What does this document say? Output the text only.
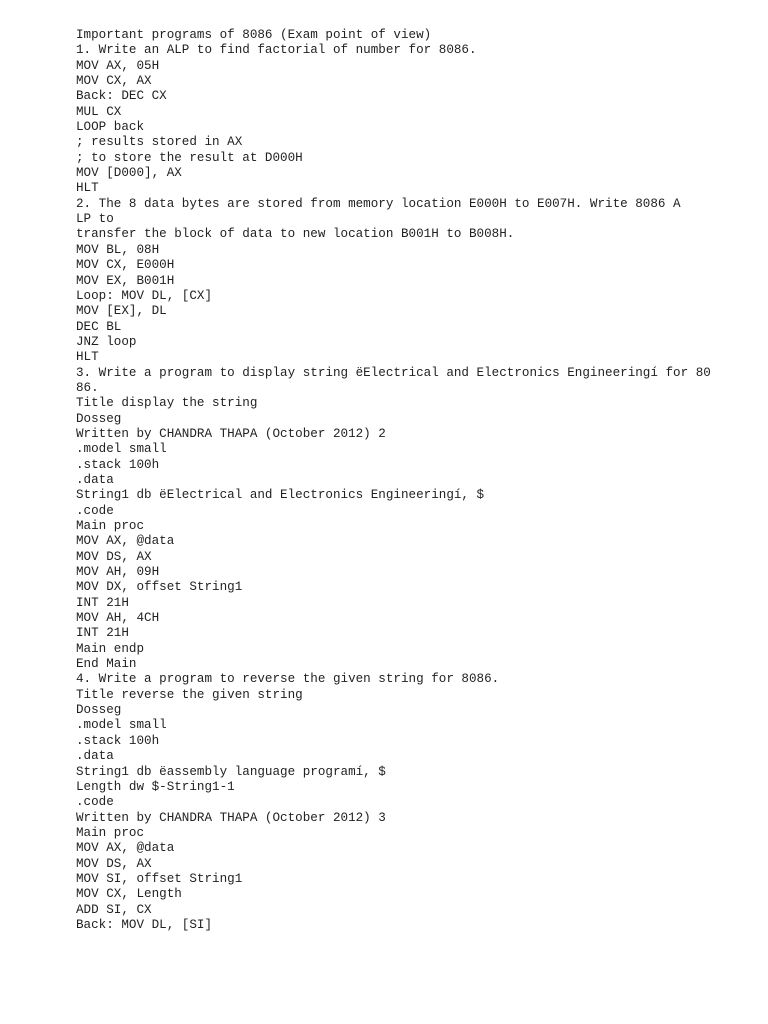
Important programs of 8086 (Exam point of view)
1. Write an ALP to find factorial of number for 8086.
MOV AX, 05H
MOV CX, AX
Back: DEC CX
MUL CX
LOOP back
; results stored in AX
; to store the result at D000H
MOV [D000], AX
HLT
2. The 8 data bytes are stored from memory location E000H to E007H. Write 8086 A
LP to
transfer the block of data to new location B001H to B008H.
MOV BL, 08H
MOV CX, E000H
MOV EX, B001H
Loop: MOV DL, [CX]
MOV [EX], DL
DEC BL
JNZ loop
HLT
3. Write a program to display string ëElectrical and Electronics Engineeringí for 80
86.
Title display the string
Dosseg
Written by CHANDRA THAPA (October 2012) 2
.model small
.stack 100h
.data
String1 db ëElectrical and Electronics Engineeringí, $
.code
Main proc
MOV AX, @data
MOV DS, AX
MOV AH, 09H
MOV DX, offset String1
INT 21H
MOV AH, 4CH
INT 21H
Main endp
End Main
4. Write a program to reverse the given string for 8086.
Title reverse the given string
Dosseg
.model small
.stack 100h
.data
String1 db ëassembly language programí, $
Length dw $-String1-1
.code
Written by CHANDRA THAPA (October 2012) 3
Main proc
MOV AX, @data
MOV DS, AX
MOV SI, offset String1
MOV CX, Length
ADD SI, CX
Back: MOV DL, [SI]
